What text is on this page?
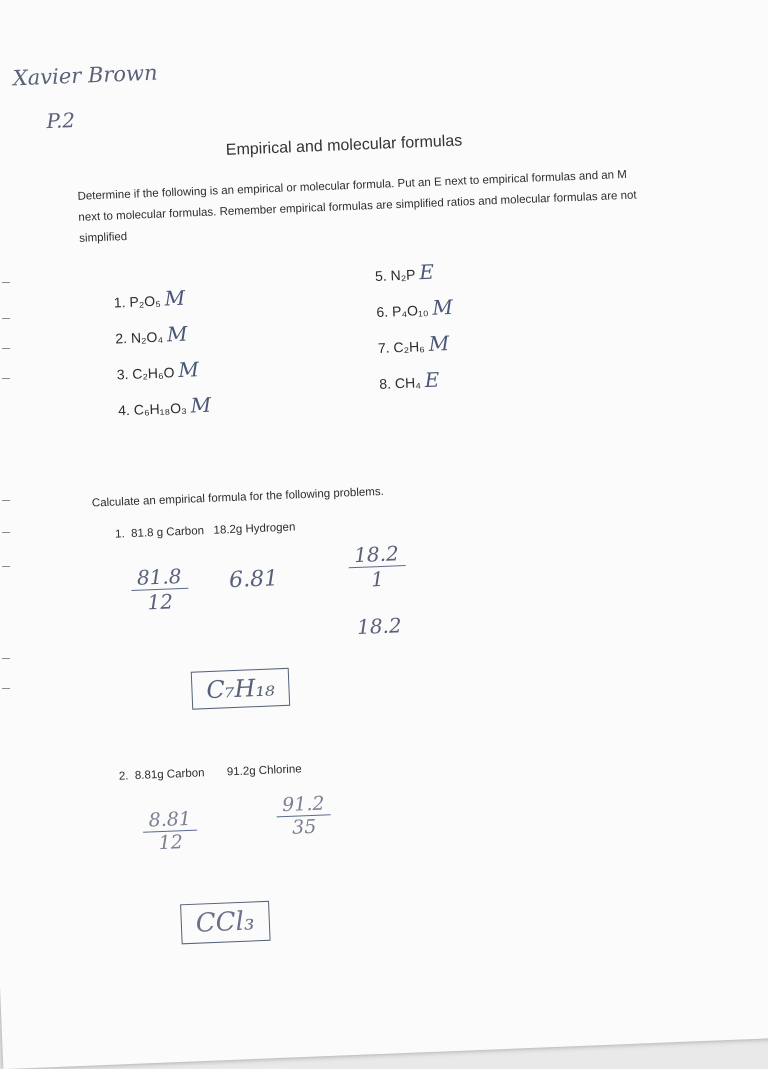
Xavier Brown
P.2
Empirical and molecular formulas
Determine if the following is an empirical or molecular formula. Put an E next to empirical formulas and an M next to molecular formulas. Remember empirical formulas are simplified ratios and molecular formulas are not simplified
1. P₂O₅ M
2. N₂O₄ M
3. C₂H₆O M
4. C₆H₁₈O₃ M
5. N₂P E
6. P₄O₁₀ M
7. C₂H₆ M
8. CH₄ E
Calculate an empirical formula for the following problems.
1. 81.8 g Carbon 18.2g Hydrogen
$\frac{81.8}{12} 6.81$	$\frac{18.2}{1}$
18.2
C₇H₁₈
2. 8.81g Carbon 91.2g Chlorine
$\frac{8.81}{12}$	$\frac{91.2}{35}$
CCl₃
